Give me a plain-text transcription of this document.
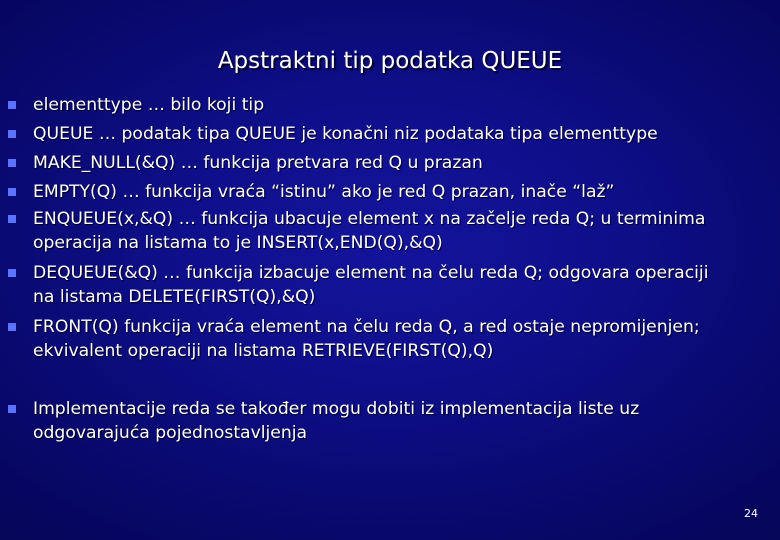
Apstraktni tip podatka QUEUE
elementtype … bilo koji tip
QUEUE … podatak tipa QUEUE je konačni niz podataka tipa elementtype
MAKE_NULL(&Q) … funkcija pretvara red Q u prazan
EMPTY(Q) … funkcija vraća “istinu” ako je red Q prazan, inače “laž”
ENQUEUE(x,&Q) … funkcija ubacuje element x na začelje reda Q; u terminima
operacija na listama to je INSERT(x,END(Q),&Q)
DEQUEUE(&Q) … funkcija izbacuje element na čelu reda Q; odgovara operaciji
na listama DELETE(FIRST(Q),&Q)
FRONT(Q) funkcija vraća element na čelu reda Q, a red ostaje nepromijenjen;
ekvivalent operaciji na listama RETRIEVE(FIRST(Q),Q)
Implementacije reda se također mogu dobiti iz implementacija liste uz
odgovarajuća pojednostavljenja
24
